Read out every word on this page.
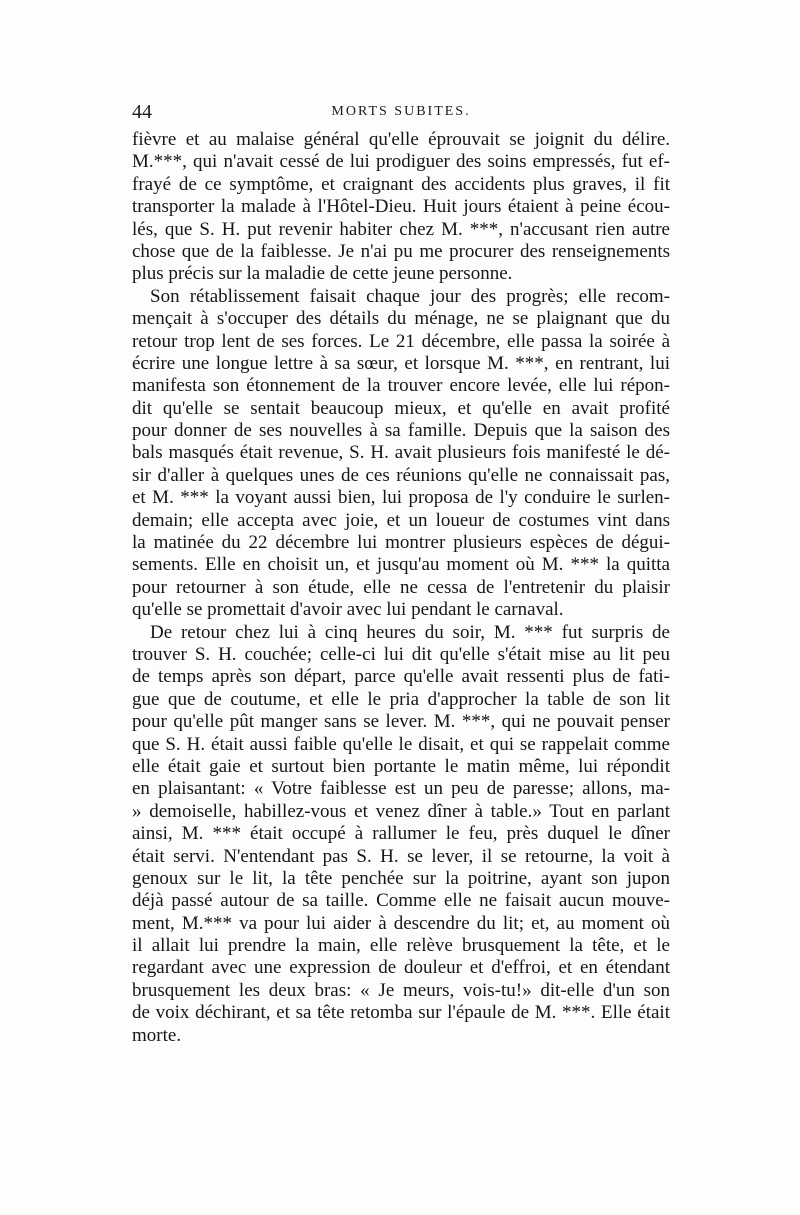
44	MORTS SUBITES.
fièvre et au malaise général qu'elle éprouvait se joignit du délire.
M.***, qui n'avait cessé de lui prodiguer des soins empressés, fut ef-
frayé de ce symptôme, et craignant des accidents plus graves, il fit
transporter la malade à l'Hôtel-Dieu. Huit jours étaient à peine écou-
lés, que S. H. put revenir habiter chez M. ***, n'accusant rien autre
chose que de la faiblesse. Je n'ai pu me procurer des renseignements
plus précis sur la maladie de cette jeune personne.
Son rétablissement faisait chaque jour des progrès; elle recom-
mençait à s'occuper des détails du ménage, ne se plaignant que du
retour trop lent de ses forces. Le 21 décembre, elle passa la soirée à
écrire une longue lettre à sa sœur, et lorsque M. ***, en rentrant, lui
manifesta son étonnement de la trouver encore levée, elle lui répon-
dit qu'elle se sentait beaucoup mieux, et qu'elle en avait profité
pour donner de ses nouvelles à sa famille. Depuis que la saison des
bals masqués était revenue, S. H. avait plusieurs fois manifesté le dé-
sir d'aller à quelques unes de ces réunions qu'elle ne connaissait pas,
et M. *** la voyant aussi bien, lui proposa de l'y conduire le surlen-
demain; elle accepta avec joie, et un loueur de costumes vint dans
la matinée du 22 décembre lui montrer plusieurs espèces de dégui-
sements. Elle en choisit un, et jusqu'au moment où M. *** la quitta
pour retourner à son étude, elle ne cessa de l'entretenir du plaisir
qu'elle se promettait d'avoir avec lui pendant le carnaval.
De retour chez lui à cinq heures du soir, M. *** fut surpris de
trouver S. H. couchée; celle-ci lui dit qu'elle s'était mise au lit peu
de temps après son départ, parce qu'elle avait ressenti plus de fati-
gue que de coutume, et elle le pria d'approcher la table de son lit
pour qu'elle pût manger sans se lever. M. ***, qui ne pouvait penser
que S. H. était aussi faible qu'elle le disait, et qui se rappelait comme
elle était gaie et surtout bien portante le matin même, lui répondit
en plaisantant: « Votre faiblesse est un peu de paresse; allons, ma-
» demoiselle, habillez-vous et venez dîner à table.» Tout en parlant
ainsi, M. *** était occupé à rallumer le feu, près duquel le dîner
était servi. N'entendant pas S. H. se lever, il se retourne, la voit à
genoux sur le lit, la tête penchée sur la poitrine, ayant son jupon
déjà passé autour de sa taille. Comme elle ne faisait aucun mouve-
ment, M.*** va pour lui aider à descendre du lit; et, au moment où
il allait lui prendre la main, elle relève brusquement la tête, et le
regardant avec une expression de douleur et d'effroi, et en étendant
brusquement les deux bras: « Je meurs, vois-tu!» dit-elle d'un son
de voix déchirant, et sa tête retomba sur l'épaule de M. ***. Elle était
morte.
